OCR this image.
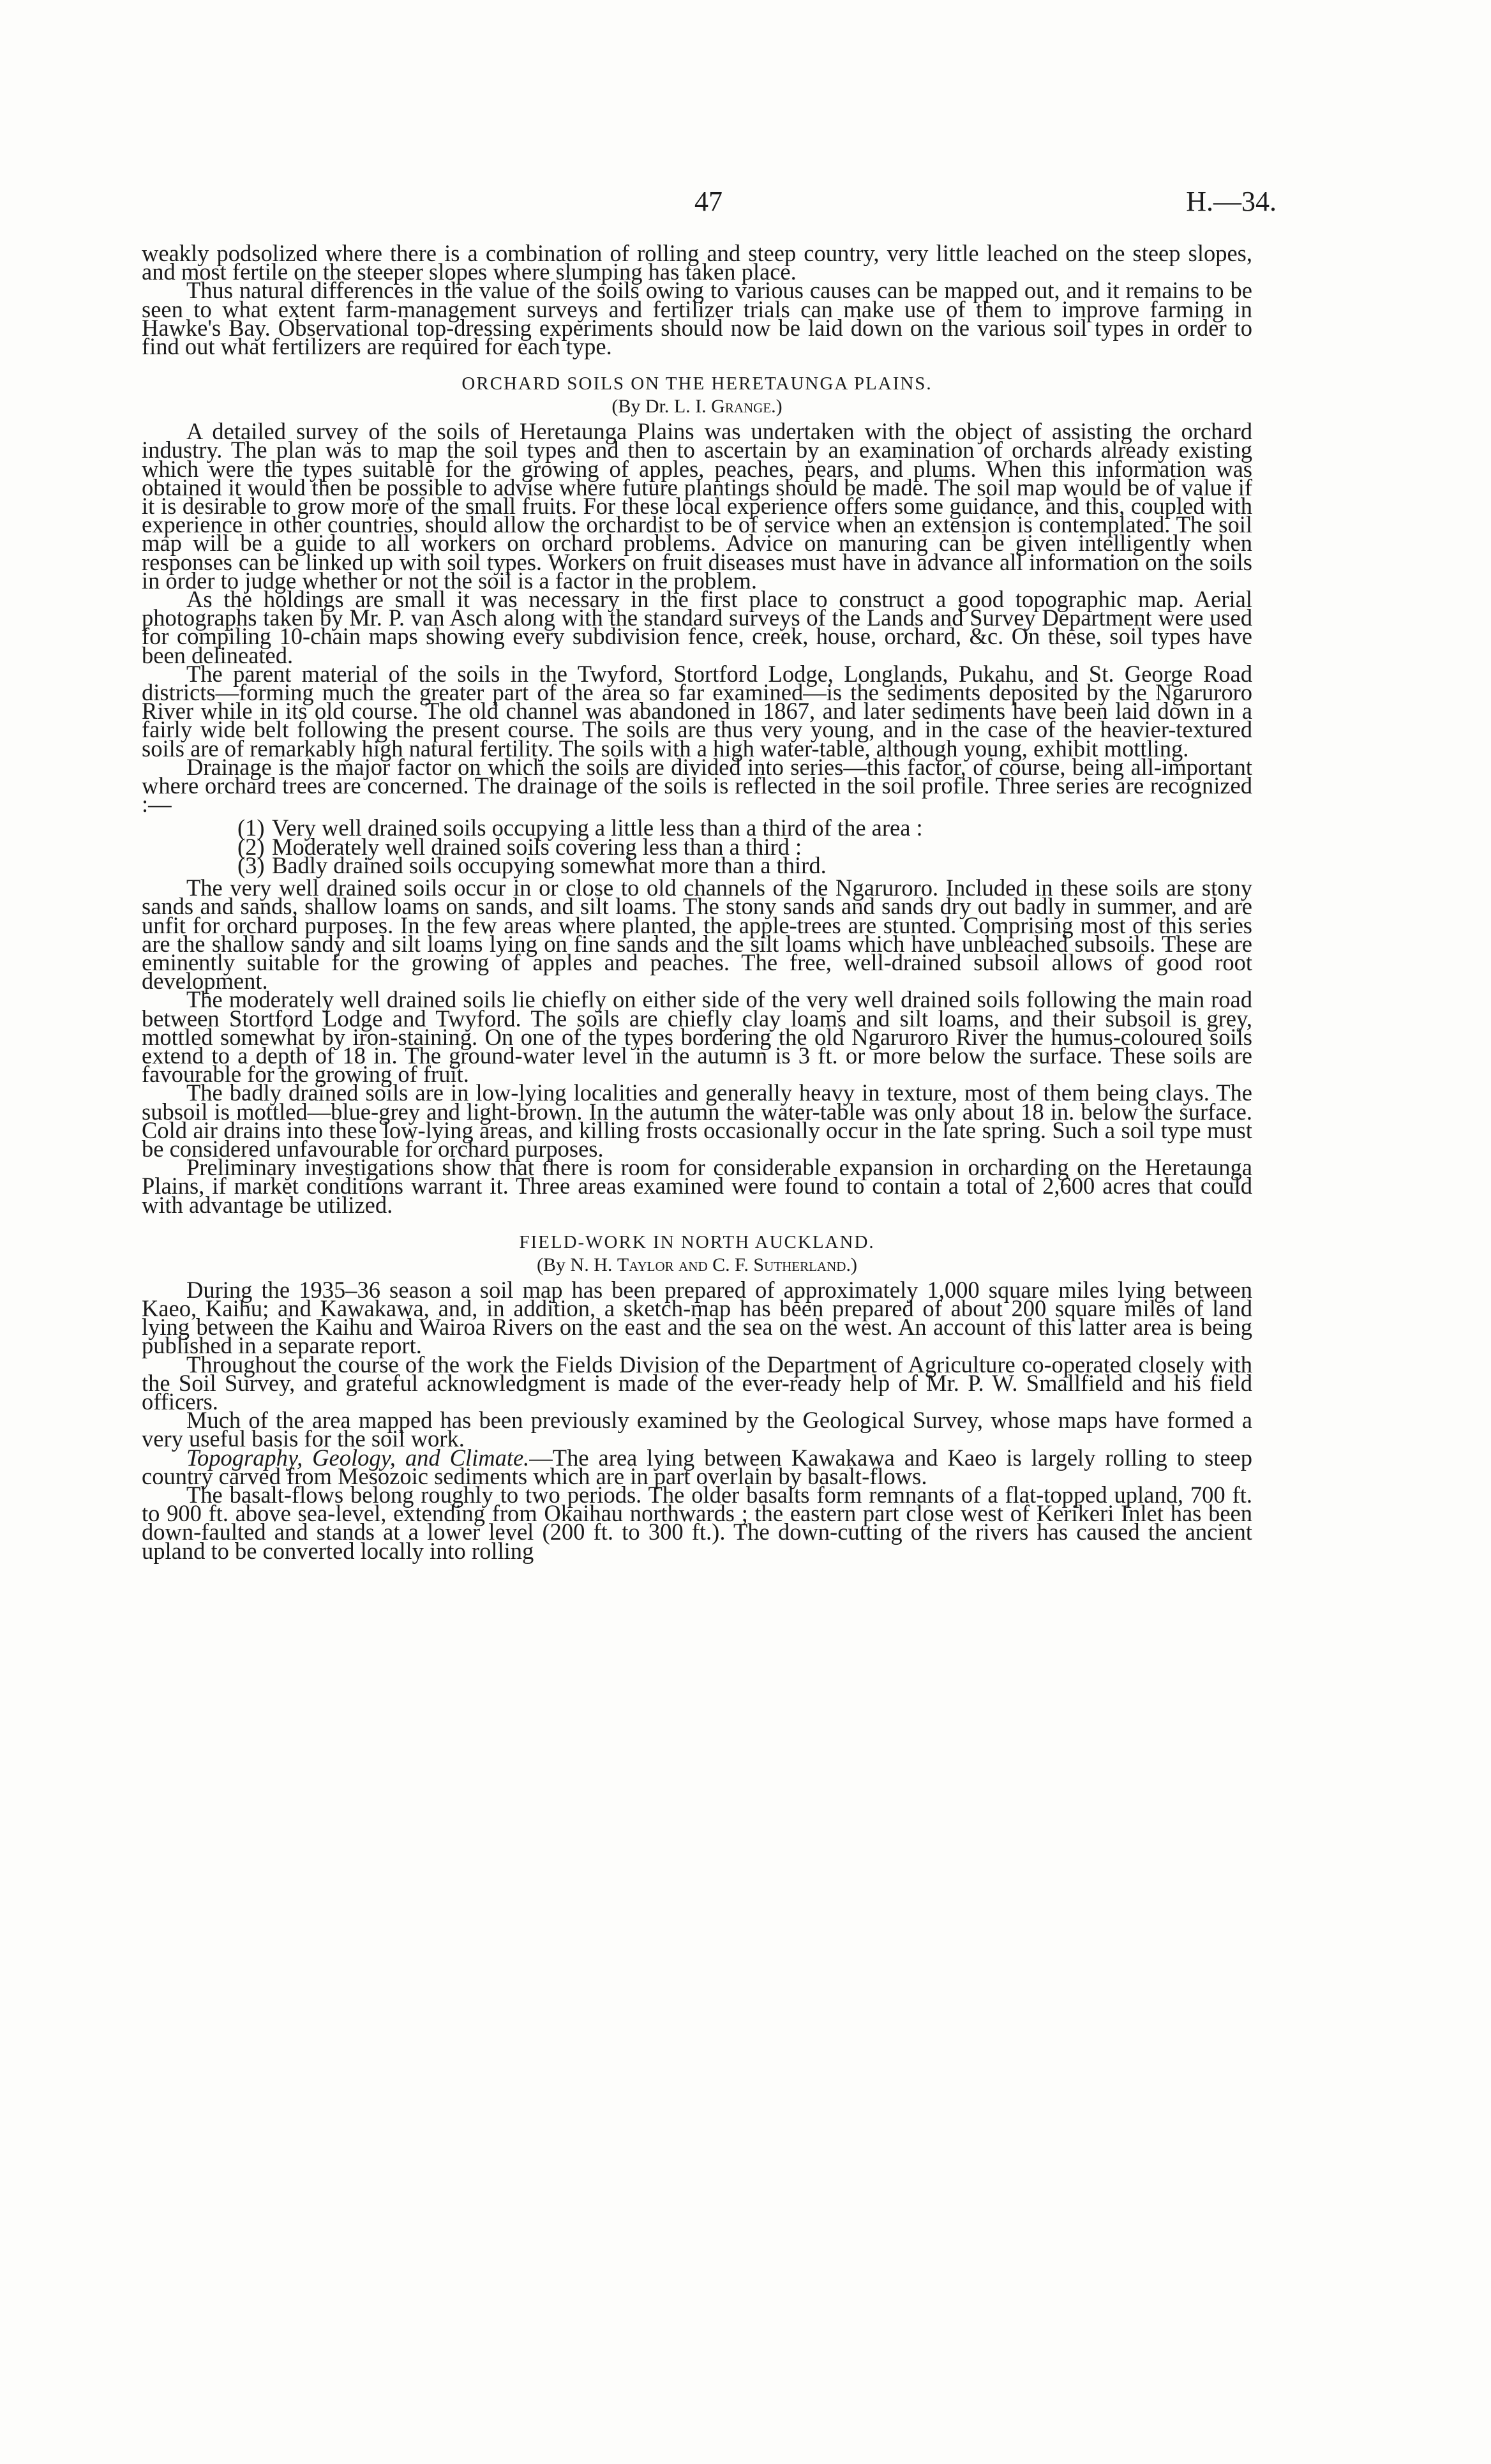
47	H.—34.

weakly podsolized where there is a combination of rolling and steep country, very little leached on the steep slopes, and most fertile on the steeper slopes where slumping has taken place.

Thus natural differences in the value of the soils owing to various causes can be mapped out, and it remains to be seen to what extent farm-management surveys and fertilizer trials can make use of them to improve farming in Hawke's Bay. Observational top-dressing experiments should now be laid down on the various soil types in order to find out what fertilizers are required for each type.

ORCHARD SOILS ON THE HERETAUNGA PLAINS.
(By Dr. L. I. Grange.)

A detailed survey of the soils of Heretaunga Plains was undertaken with the object of assisting the orchard industry. The plan was to map the soil types and then to ascertain by an examination of orchards already existing which were the types suitable for the growing of apples, peaches, pears, and plums. When this information was obtained it would then be possible to advise where future plantings should be made. The soil map would be of value if it is desirable to grow more of the small fruits. For these local experience offers some guidance, and this, coupled with experience in other countries, should allow the orchardist to be of service when an extension is contemplated. The soil map will be a guide to all workers on orchard problems. Advice on manuring can be given intelligently when responses can be linked up with soil types. Workers on fruit diseases must have in advance all information on the soils in order to judge whether or not the soil is a factor in the problem.

As the holdings are small it was necessary in the first place to construct a good topographic map. Aerial photographs taken by Mr. P. van Asch along with the standard surveys of the Lands and Survey Department were used for compiling 10-chain maps showing every subdivision fence, creek, house, orchard, &c. On these, soil types have been delineated.

The parent material of the soils in the Twyford, Stortford Lodge, Longlands, Pukahu, and St. George Road districts—forming much the greater part of the area so far examined—is the sediments deposited by the Ngaruroro River while in its old course. The old channel was abandoned in 1867, and later sediments have been laid down in a fairly wide belt following the present course. The soils are thus very young, and in the case of the heavier-textured soils are of remarkably high natural fertility. The soils with a high water-table, although young, exhibit mottling.

Drainage is the major factor on which the soils are divided into series—this factor, of course, being all-important where orchard trees are concerned. The drainage of the soils is reflected in the soil profile. Three series are recognized :—

(1) Very well drained soils occupying a little less than a third of the area :
(2) Moderately well drained soils covering less than a third :
(3) Badly drained soils occupying somewhat more than a third.

The very well drained soils occur in or close to old channels of the Ngaruroro. Included in these soils are stony sands and sands, shallow loams on sands, and silt loams. The stony sands and sands dry out badly in summer, and are unfit for orchard purposes. In the few areas where planted, the apple-trees are stunted. Comprising most of this series are the shallow sandy and silt loams lying on fine sands and the silt loams which have unbleached subsoils. These are eminently suitable for the growing of apples and peaches. The free, well-drained subsoil allows of good root development.

The moderately well drained soils lie chiefly on either side of the very well drained soils following the main road between Stortford Lodge and Twyford. The soils are chiefly clay loams and silt loams, and their subsoil is grey, mottled somewhat by iron-staining. On one of the types bordering the old Ngaruroro River the humus-coloured soils extend to a depth of 18 in. The ground-water level in the autumn is 3 ft. or more below the surface. These soils are favourable for the growing of fruit.

The badly drained soils are in low-lying localities and generally heavy in texture, most of them being clays. The subsoil is mottled—blue-grey and light-brown. In the autumn the water-table was only about 18 in. below the surface. Cold air drains into these low-lying areas, and killing frosts occasionally occur in the late spring. Such a soil type must be considered unfavourable for orchard purposes.

Preliminary investigations show that there is room for considerable expansion in orcharding on the Heretaunga Plains, if market conditions warrant it. Three areas examined were found to contain a total of 2,600 acres that could with advantage be utilized.

FIELD-WORK IN NORTH AUCKLAND.
(By N. H. Taylor and C. F. Sutherland.)

During the 1935–36 season a soil map has been prepared of approximately 1,000 square miles lying between Kaeo, Kaihu; and Kawakawa, and, in addition, a sketch-map has been prepared of about 200 square miles of land lying between the Kaihu and Wairoa Rivers on the east and the sea on the west. An account of this latter area is being published in a separate report.

Throughout the course of the work the Fields Division of the Department of Agriculture co-operated closely with the Soil Survey, and grateful acknowledgment is made of the ever-ready help of Mr. P. W. Smallfield and his field officers.

Much of the area mapped has been previously examined by the Geological Survey, whose maps have formed a very useful basis for the soil work.

Topography, Geology, and Climate.—The area lying between Kawakawa and Kaeo is largely rolling to steep country carved from Mesozoic sediments which are in part overlain by basalt-flows.

The basalt-flows belong roughly to two periods. The older basalts form remnants of a flat-topped upland, 700 ft. to 900 ft. above sea-level, extending from Okaihau northwards ; the eastern part close west of Kerikeri Inlet has been down-faulted and stands at a lower level (200 ft. to 300 ft.). The down-cutting of the rivers has caused the ancient upland to be converted locally into rolling
